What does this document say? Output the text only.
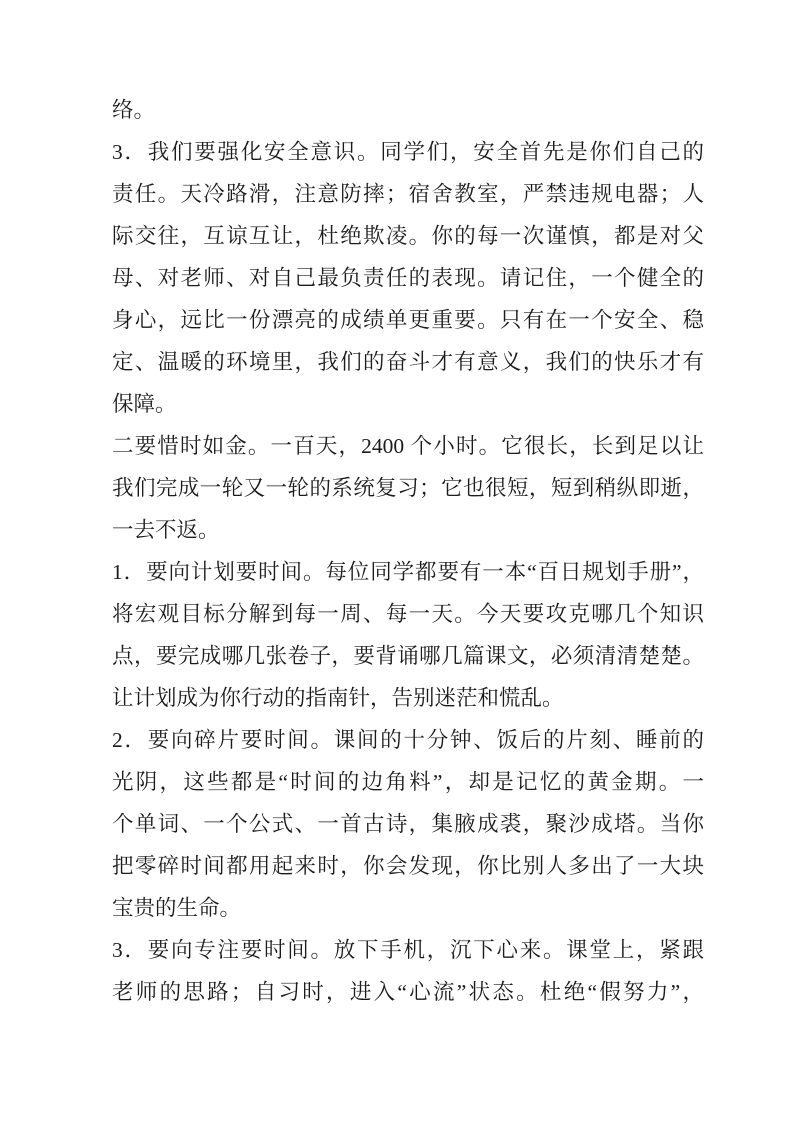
络。
3．我们要强化安全意识。同学们，安全首先是你们自己的
责任。天冷路滑，注意防摔；宿舍教室，严禁违规电器；人
际交往，互谅互让，杜绝欺凌。你的每一次谨慎，都是对父
母、对老师、对自己最负责任的表现。请记住，一个健全的
身心，远比一份漂亮的成绩单更重要。只有在一个安全、稳
定、温暖的环境里，我们的奋斗才有意义，我们的快乐才有
保障。
二要惜时如金。一百天，2400 个小时。它很长，长到足以让
我们完成一轮又一轮的系统复习；它也很短，短到稍纵即逝，
一去不返。
1．要向计划要时间。每位同学都要有一本“百日规划手册”，
将宏观目标分解到每一周、每一天。今天要攻克哪几个知识
点，要完成哪几张卷子，要背诵哪几篇课文，必须清清楚楚。
让计划成为你行动的指南针，告别迷茫和慌乱。
2．要向碎片要时间。课间的十分钟、饭后的片刻、睡前的
光阴，这些都是“时间的边角料”，却是记忆的黄金期。一
个单词、一个公式、一首古诗，集腋成裘，聚沙成塔。当你
把零碎时间都用起来时，你会发现，你比别人多出了一大块
宝贵的生命。
3．要向专注要时间。放下手机，沉下心来。课堂上，紧跟
老师的思路；自习时，进入“心流”状态。杜绝“假努力”，
